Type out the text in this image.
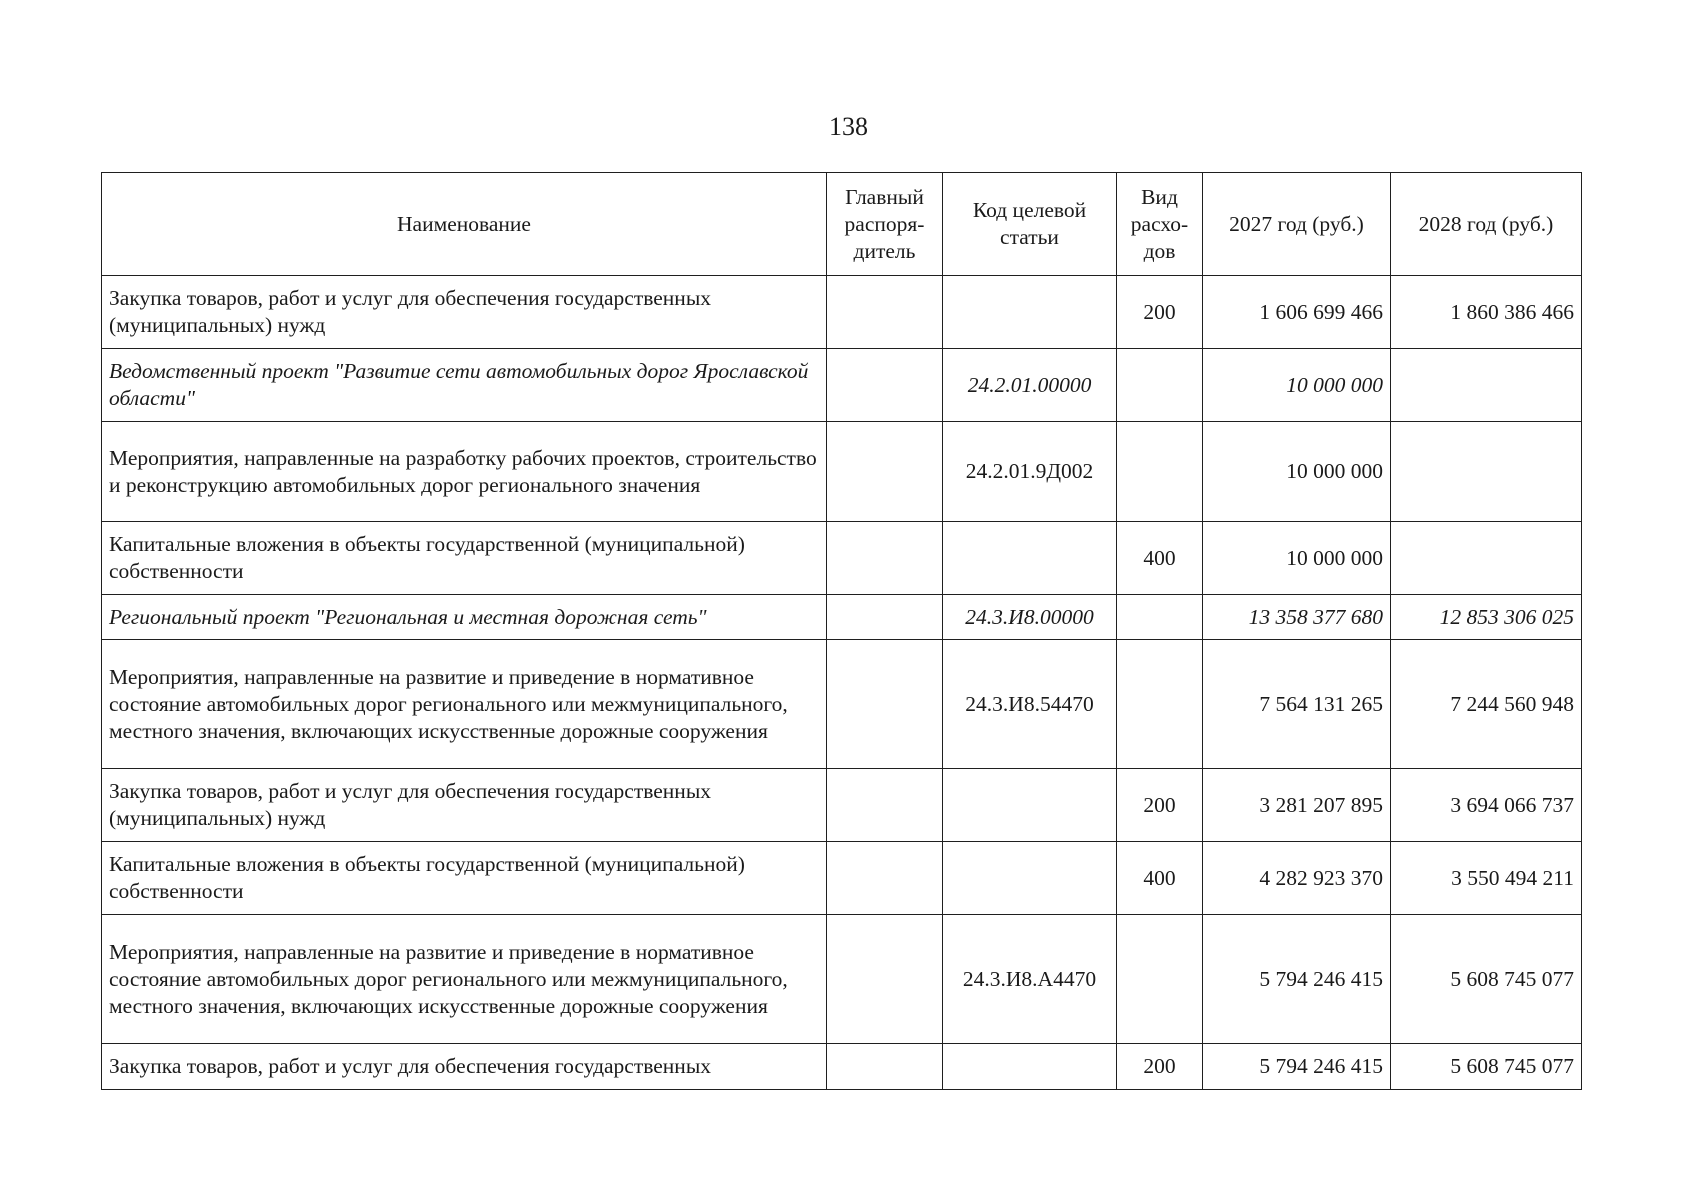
138
Наименование	Главный распоря-дитель	Код целевой статьи	Вид расхо-дов	2027 год (руб.)	2028 год (руб.)
Закупка товаров, работ и услуг для обеспечения государственных (муниципальных) нужд			200	1 606 699 466	1 860 386 466
Ведомственный проект "Развитие сети автомобильных дорог Ярославской области"		24.2.01.00000		10 000 000	
Мероприятия, направленные на разработку рабочих проектов, строительство и реконструкцию автомобильных дорог регионального значения		24.2.01.9Д002		10 000 000	
Капитальные вложения в объекты государственной (муниципальной) собственности			400	10 000 000	
Региональный проект "Региональная и местная дорожная сеть"		24.3.И8.00000		13 358 377 680	12 853 306 025
Мероприятия, направленные на развитие и приведение в нормативное состояние автомобильных дорог регионального или межмуниципального, местного значения, включающих искусственные дорожные сооружения		24.3.И8.54470		7 564 131 265	7 244 560 948
Закупка товаров, работ и услуг для обеспечения государственных (муниципальных) нужд			200	3 281 207 895	3 694 066 737
Капитальные вложения в объекты государственной (муниципальной) собственности			400	4 282 923 370	3 550 494 211
Мероприятия, направленные на развитие и приведение в нормативное состояние автомобильных дорог регионального или межмуниципального, местного значения, включающих искусственные дорожные сооружения		24.3.И8.А4470		5 794 246 415	5 608 745 077
Закупка товаров, работ и услуг для обеспечения государственных			200	5 794 246 415	5 608 745 077
